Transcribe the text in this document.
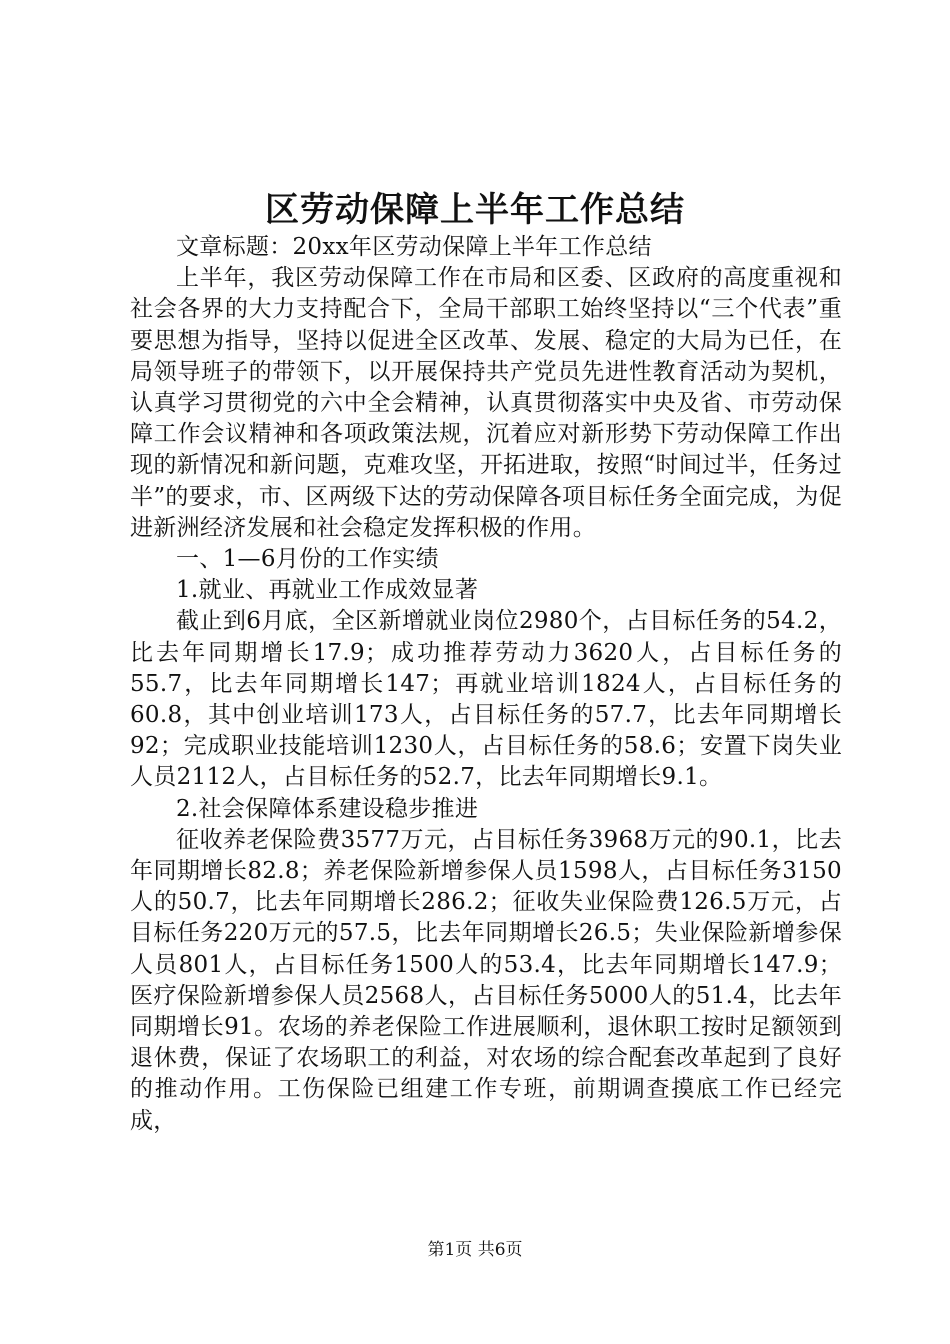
区劳动保障上半年工作总结

文章标题：20xx年区劳动保障上半年工作总结

上半年，我区劳动保障工作在市局和区委、区政府的高度重视和社会各界的大力支持配合下，全局干部职工始终坚持以“三个代表”重要思想为指导，坚持以促进全区改革、发展、稳定的大局为已任，在局领导班子的带领下，以开展保持共产党员先进性教育活动为契机，认真学习贯彻党的六中全会精神，认真贯彻落实中央及省、市劳动保障工作会议精神和各项政策法规，沉着应对新形势下劳动保障工作出现的新情况和新问题，克难攻坚，开拓进取，按照“时间过半，任务过半”的要求，市、区两级下达的劳动保障各项目标任务全面完成，为促进新洲经济发展和社会稳定发挥积极的作用。

一、1—6月份的工作实绩

1.就业、再就业工作成效显著

截止到6月底，全区新增就业岗位2980个，占目标任务的54.2，比去年同期增长17.9；成功推荐劳动力3620人，占目标任务的55.7，比去年同期增长147；再就业培训1824人，占目标任务的60.8，其中创业培训173人，占目标任务的57.7，比去年同期增长92；完成职业技能培训1230人，占目标任务的58.6；安置下岗失业人员2112人，占目标任务的52.7，比去年同期增长9.1。

2.社会保障体系建设稳步推进

征收养老保险费3577万元，占目标任务3968万元的90.1，比去年同期增长82.8；养老保险新增参保人员1598人，占目标任务3150人的50.7，比去年同期增长286.2；征收失业保险费126.5万元，占目标任务220万元的57.5，比去年同期增长26.5；失业保险新增参保人员801人，占目标任务1500人的53.4，比去年同期增长147.9；医疗保险新增参保人员2568人，占目标任务5000人的51.4，比去年同期增长91。农场的养老保险工作进展顺利，退休职工按时足额领到退休费，保证了农场职工的利益，对农场的综合配套改革起到了良好的推动作用。工伤保险已组建工作专班，前期调查摸底工作已经完成，

第1页 共6页
